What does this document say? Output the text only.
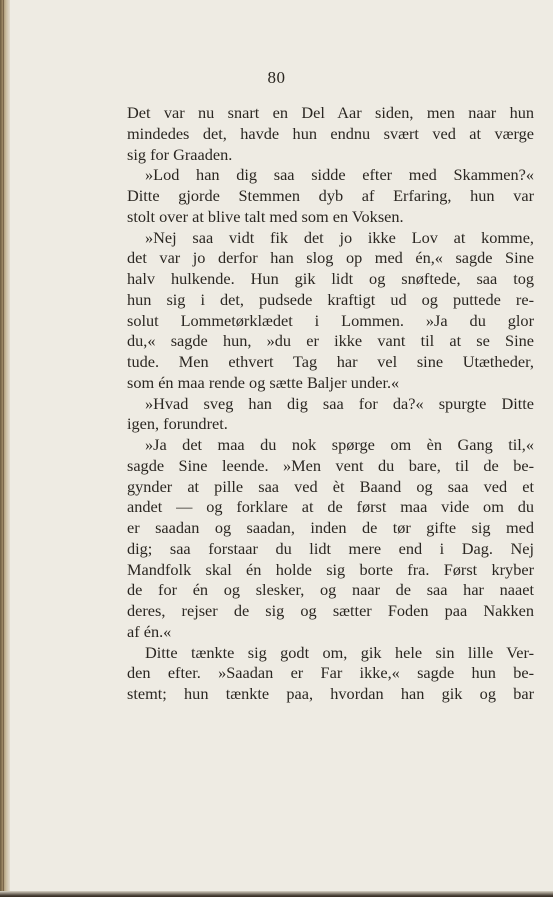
80
Det var nu snart en Del Aar siden, men naar hun
mindedes det, havde hun endnu svært ved at værge
sig for Graaden.
»Lod han dig saa sidde efter med Skammen?«
Ditte gjorde Stemmen dyb af Erfaring, hun var
stolt over at blive talt med som en Voksen.
»Nej saa vidt fik det jo ikke Lov at komme,
det var jo derfor han slog op med én,« sagde Sine
halv hulkende. Hun gik lidt og snøftede, saa tog
hun sig i det, pudsede kraftigt ud og puttede re-
solut Lommetørklædet i Lommen. »Ja du glor
du,« sagde hun, »du er ikke vant til at se Sine
tude. Men ethvert Tag har vel sine Utætheder,
som én maa rende og sætte Baljer under.«
»Hvad sveg han dig saa for da?« spurgte Ditte
igen, forundret.
»Ja det maa du nok spørge om èn Gang til,«
sagde Sine leende. »Men vent du bare, til de be-
gynder at pille saa ved èt Baand og saa ved et
andet — og forklare at de først maa vide om du
er saadan og saadan, inden de tør gifte sig med
dig; saa forstaar du lidt mere end i Dag. Nej
Mandfolk skal én holde sig borte fra. Først kryber
de for én og slesker, og naar de saa har naaet
deres, rejser de sig og sætter Foden paa Nakken
af én.«
Ditte tænkte sig godt om, gik hele sin lille Ver-
den efter. »Saadan er Far ikke,« sagde hun be-
stemt; hun tænkte paa, hvordan han gik og bar
